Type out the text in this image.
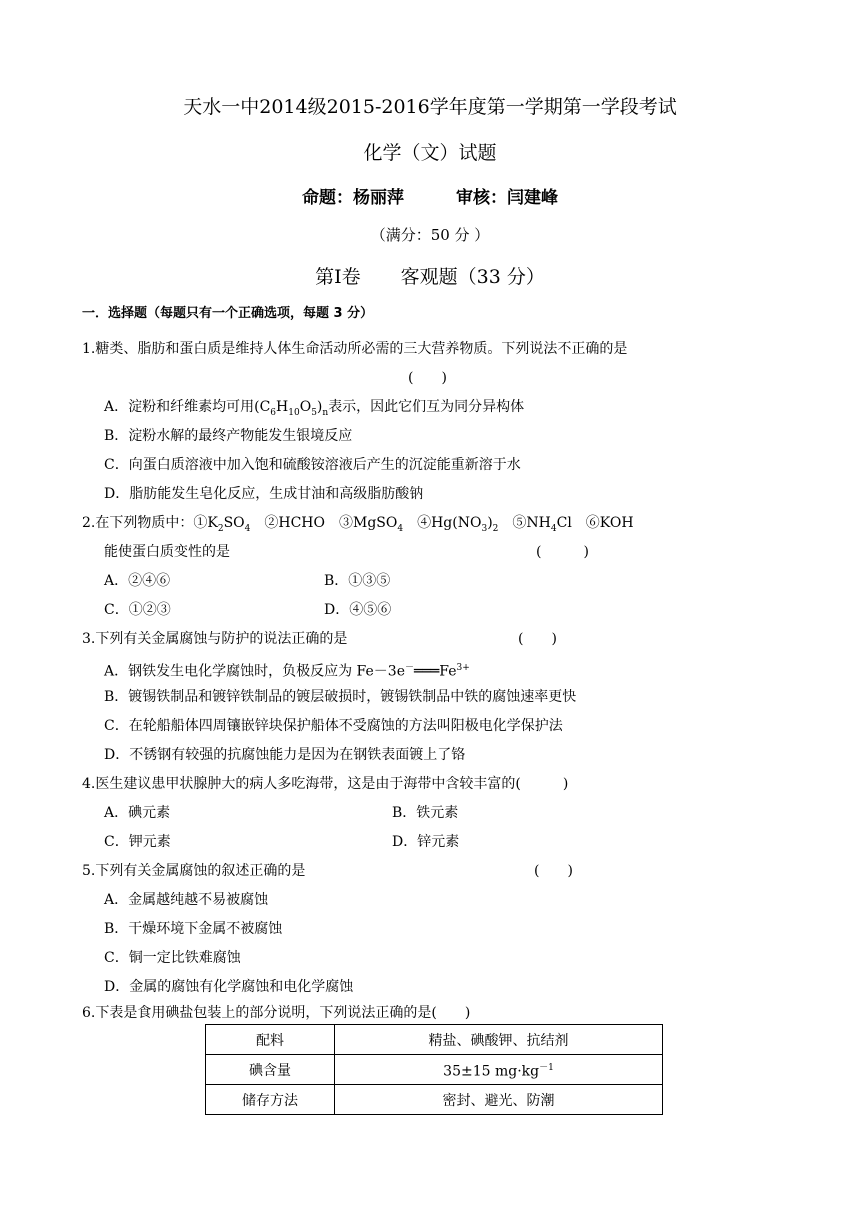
天水一中2014级2015-2016学年度第一学期第一学段考试
化学（文）试题
命题：杨丽萍	审核：闫建峰
（满分：50 分 ）
第Ⅰ卷 客观题（33 分）
一．选择题（每题只有一个正确选项，每题 3 分）
1.糖类、脂肪和蛋白质是维持人体生命活动所必需的三大营养物质。下列说法不正确的是
(　　)
A．淀粉和纤维素均可用$(C_6H_{10}O_5)_n$表示，因此它们互为同分异构体
B．淀粉水解的最终产物能发生银境反应
C．向蛋白质溶液中加入饱和硫酸铵溶液后产生的沉淀能重新溶于水
D．脂肪能发生皂化反应，生成甘油和高级脂肪酸钠
2.在下列物质中：$①K_2SO_4$　②HCHO　③MgSO$_4$　$④Hg(NO_3)_2$　$⑤NH_4Cl$　⑥KOH
能使蛋白质变性的是	(　　　)
A．②④⑥	B．①③⑤
C．①②③	D．④⑤⑥
3.下列有关金属腐蚀与防护的说法正确的是	(　　)
A．钢铁发生电化学腐蚀时，负极反应为 $Fe-3e^-═══Fe^{3+}$
B．镀锡铁制品和镀锌铁制品的镀层破损时，镀锡铁制品中铁的腐蚀速率更快
C．在轮船船体四周镶嵌锌块保护船体不受腐蚀的方法叫阳极电化学保护法
D．不锈钢有较强的抗腐蚀能力是因为在钢铁表面镀上了铬
4.医生建议患甲状腺肿大的病人多吃海带，这是由于海带中含较丰富的(　　　)
A．碘元素	B．铁元素
C．钾元素	D．锌元素
5.下列有关金属腐蚀的叙述正确的是	(　　)
A．金属越纯越不易被腐蚀
B．干燥环境下金属不被腐蚀
C．铜一定比铁难腐蚀
D．金属的腐蚀有化学腐蚀和电化学腐蚀
6.下表是食用碘盐包装上的部分说明，下列说法正确的是(　　)
配料	精盐、碘酸钾、抗结剂
碘含量	35±15 $mg\cdot kg^{-1}$
储存方法	密封、避光、防潮
